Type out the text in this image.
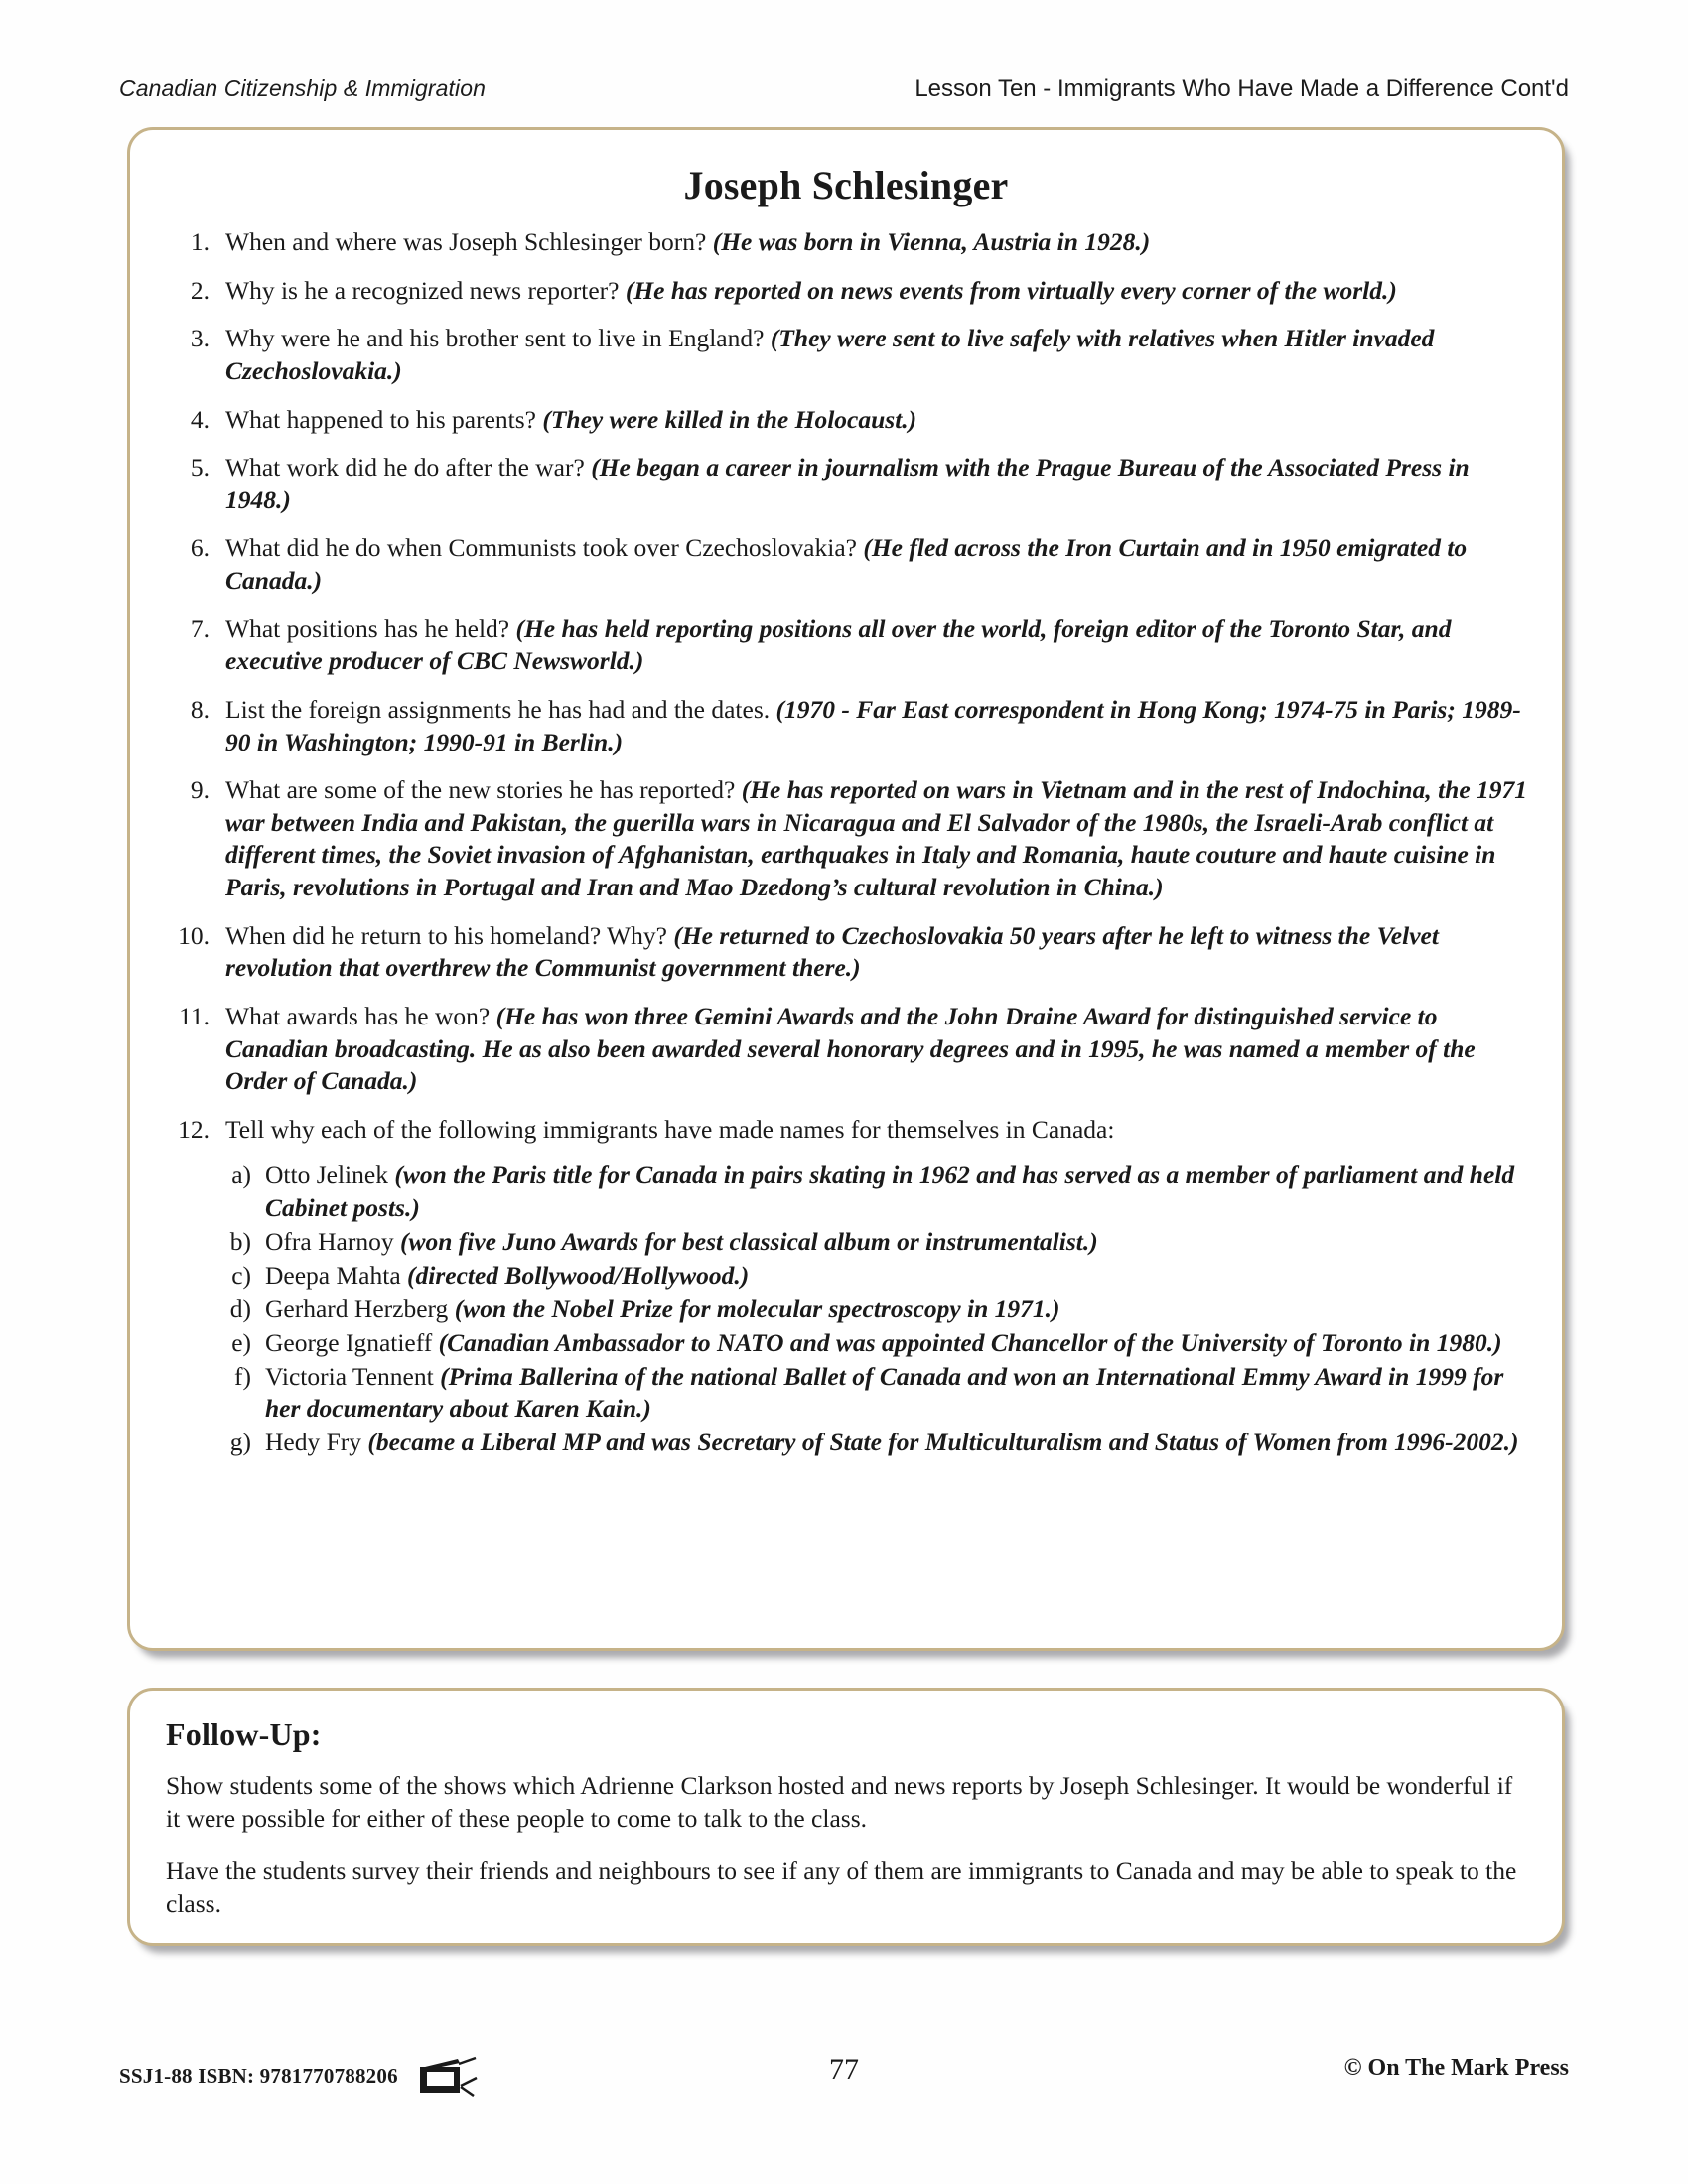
Canadian Citizenship & Immigration	Lesson Ten - Immigrants Who Have Made a Difference Cont'd
Joseph Schlesinger
1. When and where was Joseph Schlesinger born? (He was born in Vienna, Austria in 1928.)
2. Why is he a recognized news reporter? (He has reported on news events from virtually every corner of the world.)
3. Why were he and his brother sent to live in England? (They were sent to live safely with relatives when Hitler invaded Czechoslovakia.)
4. What happened to his parents? (They were killed in the Holocaust.)
5. What work did he do after the war? (He began a career in journalism with the Prague Bureau of the Associated Press in 1948.)
6. What did he do when Communists took over Czechoslovakia? (He fled across the Iron Curtain and in 1950 emigrated to Canada.)
7. What positions has he held? (He has held reporting positions all over the world, foreign editor of the Toronto Star, and executive producer of CBC Newsworld.)
8. List the foreign assignments he has had and the dates. (1970 - Far East correspondent in Hong Kong; 1974-75 in Paris; 1989-90 in Washington; 1990-91 in Berlin.)
9. What are some of the new stories he has reported? (He has reported on wars in Vietnam and in the rest of Indochina, the 1971 war between India and Pakistan, the guerilla wars in Nicaragua and El Salvador of the 1980s, the Israeli-Arab conflict at different times, the Soviet invasion of Afghanistan, earthquakes in Italy and Romania, haute couture and haute cuisine in Paris, revolutions in Portugal and Iran and Mao Dzedong’s cultural revolution in China.)
10. When did he return to his homeland? Why? (He returned to Czechoslovakia 50 years after he left to witness the Velvet revolution that overthrew the Communist government there.)
11. What awards has he won? (He has won three Gemini Awards and the John Draine Award for distinguished service to Canadian broadcasting. He as also been awarded several honorary degrees and in 1995, he was named a member of the Order of Canada.)
12. Tell why each of the following immigrants have made names for themselves in Canada:
a) Otto Jelinek (won the Paris title for Canada in pairs skating in 1962 and has served as a member of parliament and held Cabinet posts.)
b) Ofra Harnoy (won five Juno Awards for best classical album or instrumentalist.)
c) Deepa Mahta (directed Bollywood/Hollywood.)
d) Gerhard Herzberg (won the Nobel Prize for molecular spectroscopy in 1971.)
e) George Ignatieff (Canadian Ambassador to NATO and was appointed Chancellor of the University of Toronto in 1980.)
f) Victoria Tennent (Prima Ballerina of the national Ballet of Canada and won an International Emmy Award in 1999 for her documentary about Karen Kain.)
g) Hedy Fry (became a Liberal MP and was Secretary of State for Multiculturalism and Status of Women from 1996-2002.)
Follow-Up:

Show students some of the shows which Adrienne Clarkson hosted and news reports by Joseph Schlesinger. It would be wonderful if it were possible for either of these people to come to talk to the class.

Have the students survey their friends and neighbours to see if any of them are immigrants to Canada and may be able to speak to the class.

SSJ1-88 ISBN: 9781770788206	77	© On The Mark Press
